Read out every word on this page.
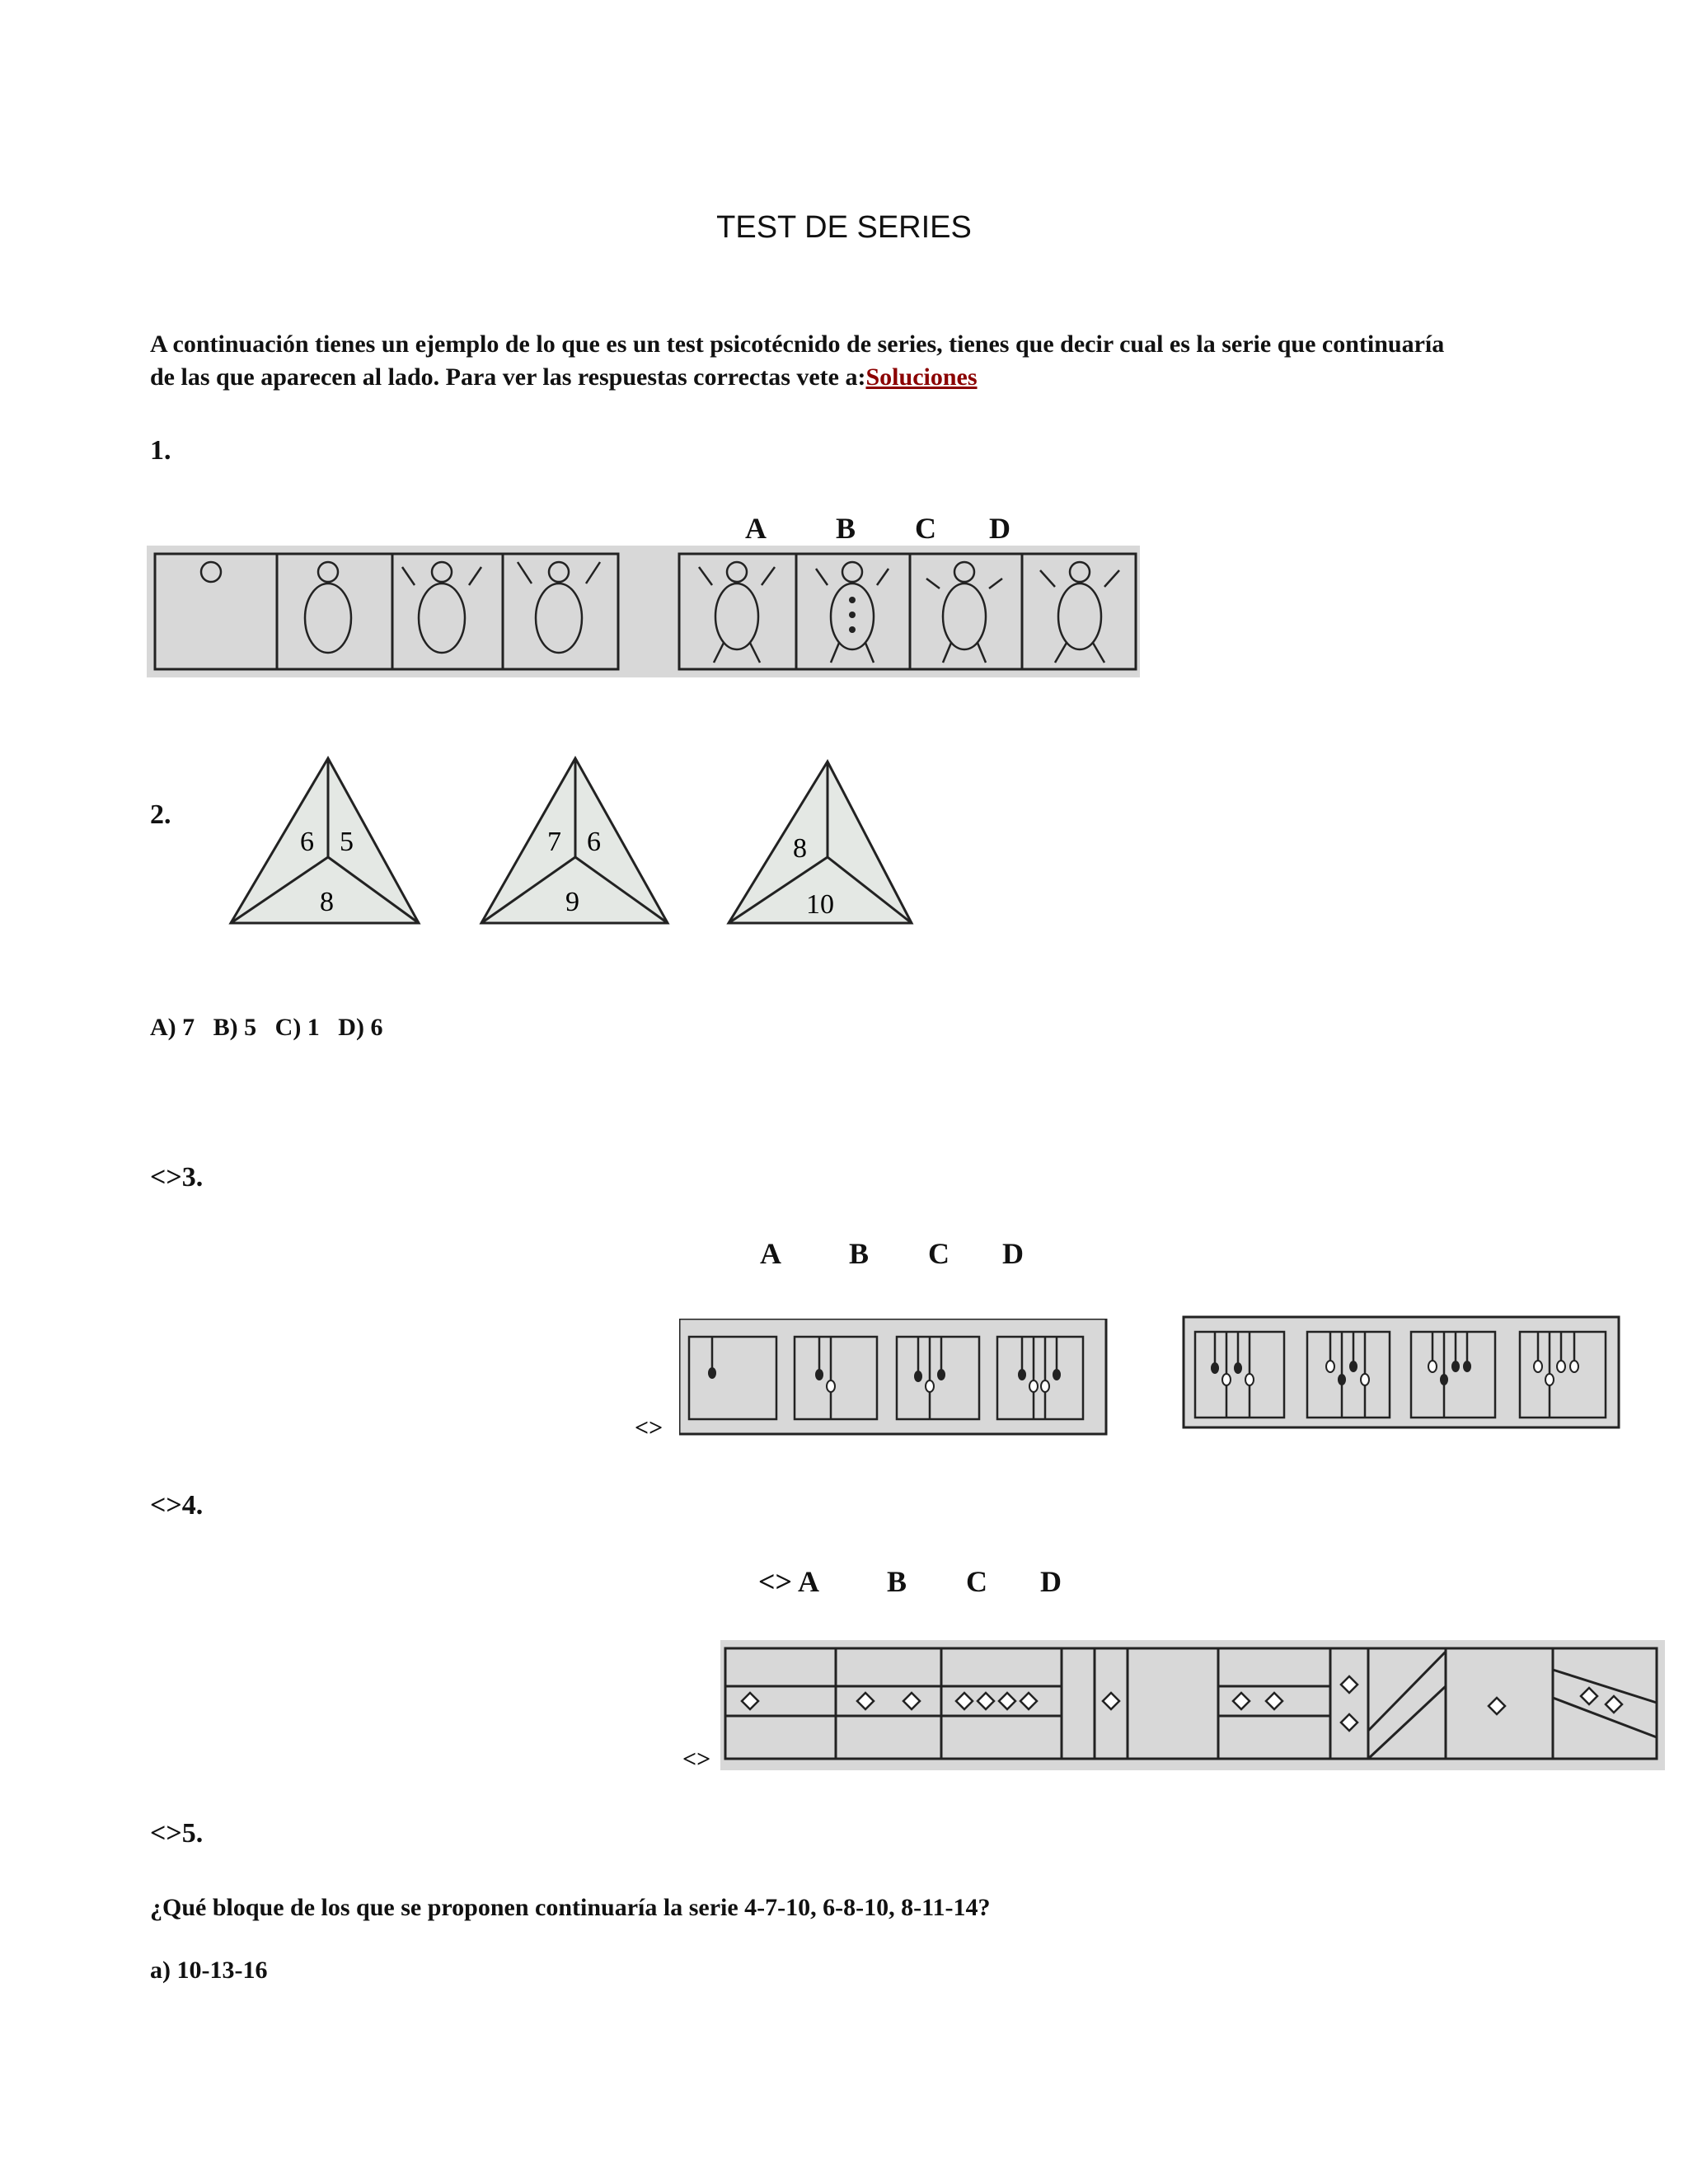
TEST DE SERIES
A continuación tienes un ejemplo de lo que es un test psicotécnido de series, tienes que decir cual es la serie que continuaría de las que aparecen al lado. Para ver las respuestas correctas vete a:Soluciones
1.
A B C D
2.
6 5
8
7 6
9
8
10
A) 7   B) 5   C) 1   D) 6
<>3.
A B C D
<>
<>4.
<> A B C D
<>
<>5.
¿Qué bloque de los que se proponen continuaría la serie 4-7-10, 6-8-10, 8-11-14?
a) 10-13-16
